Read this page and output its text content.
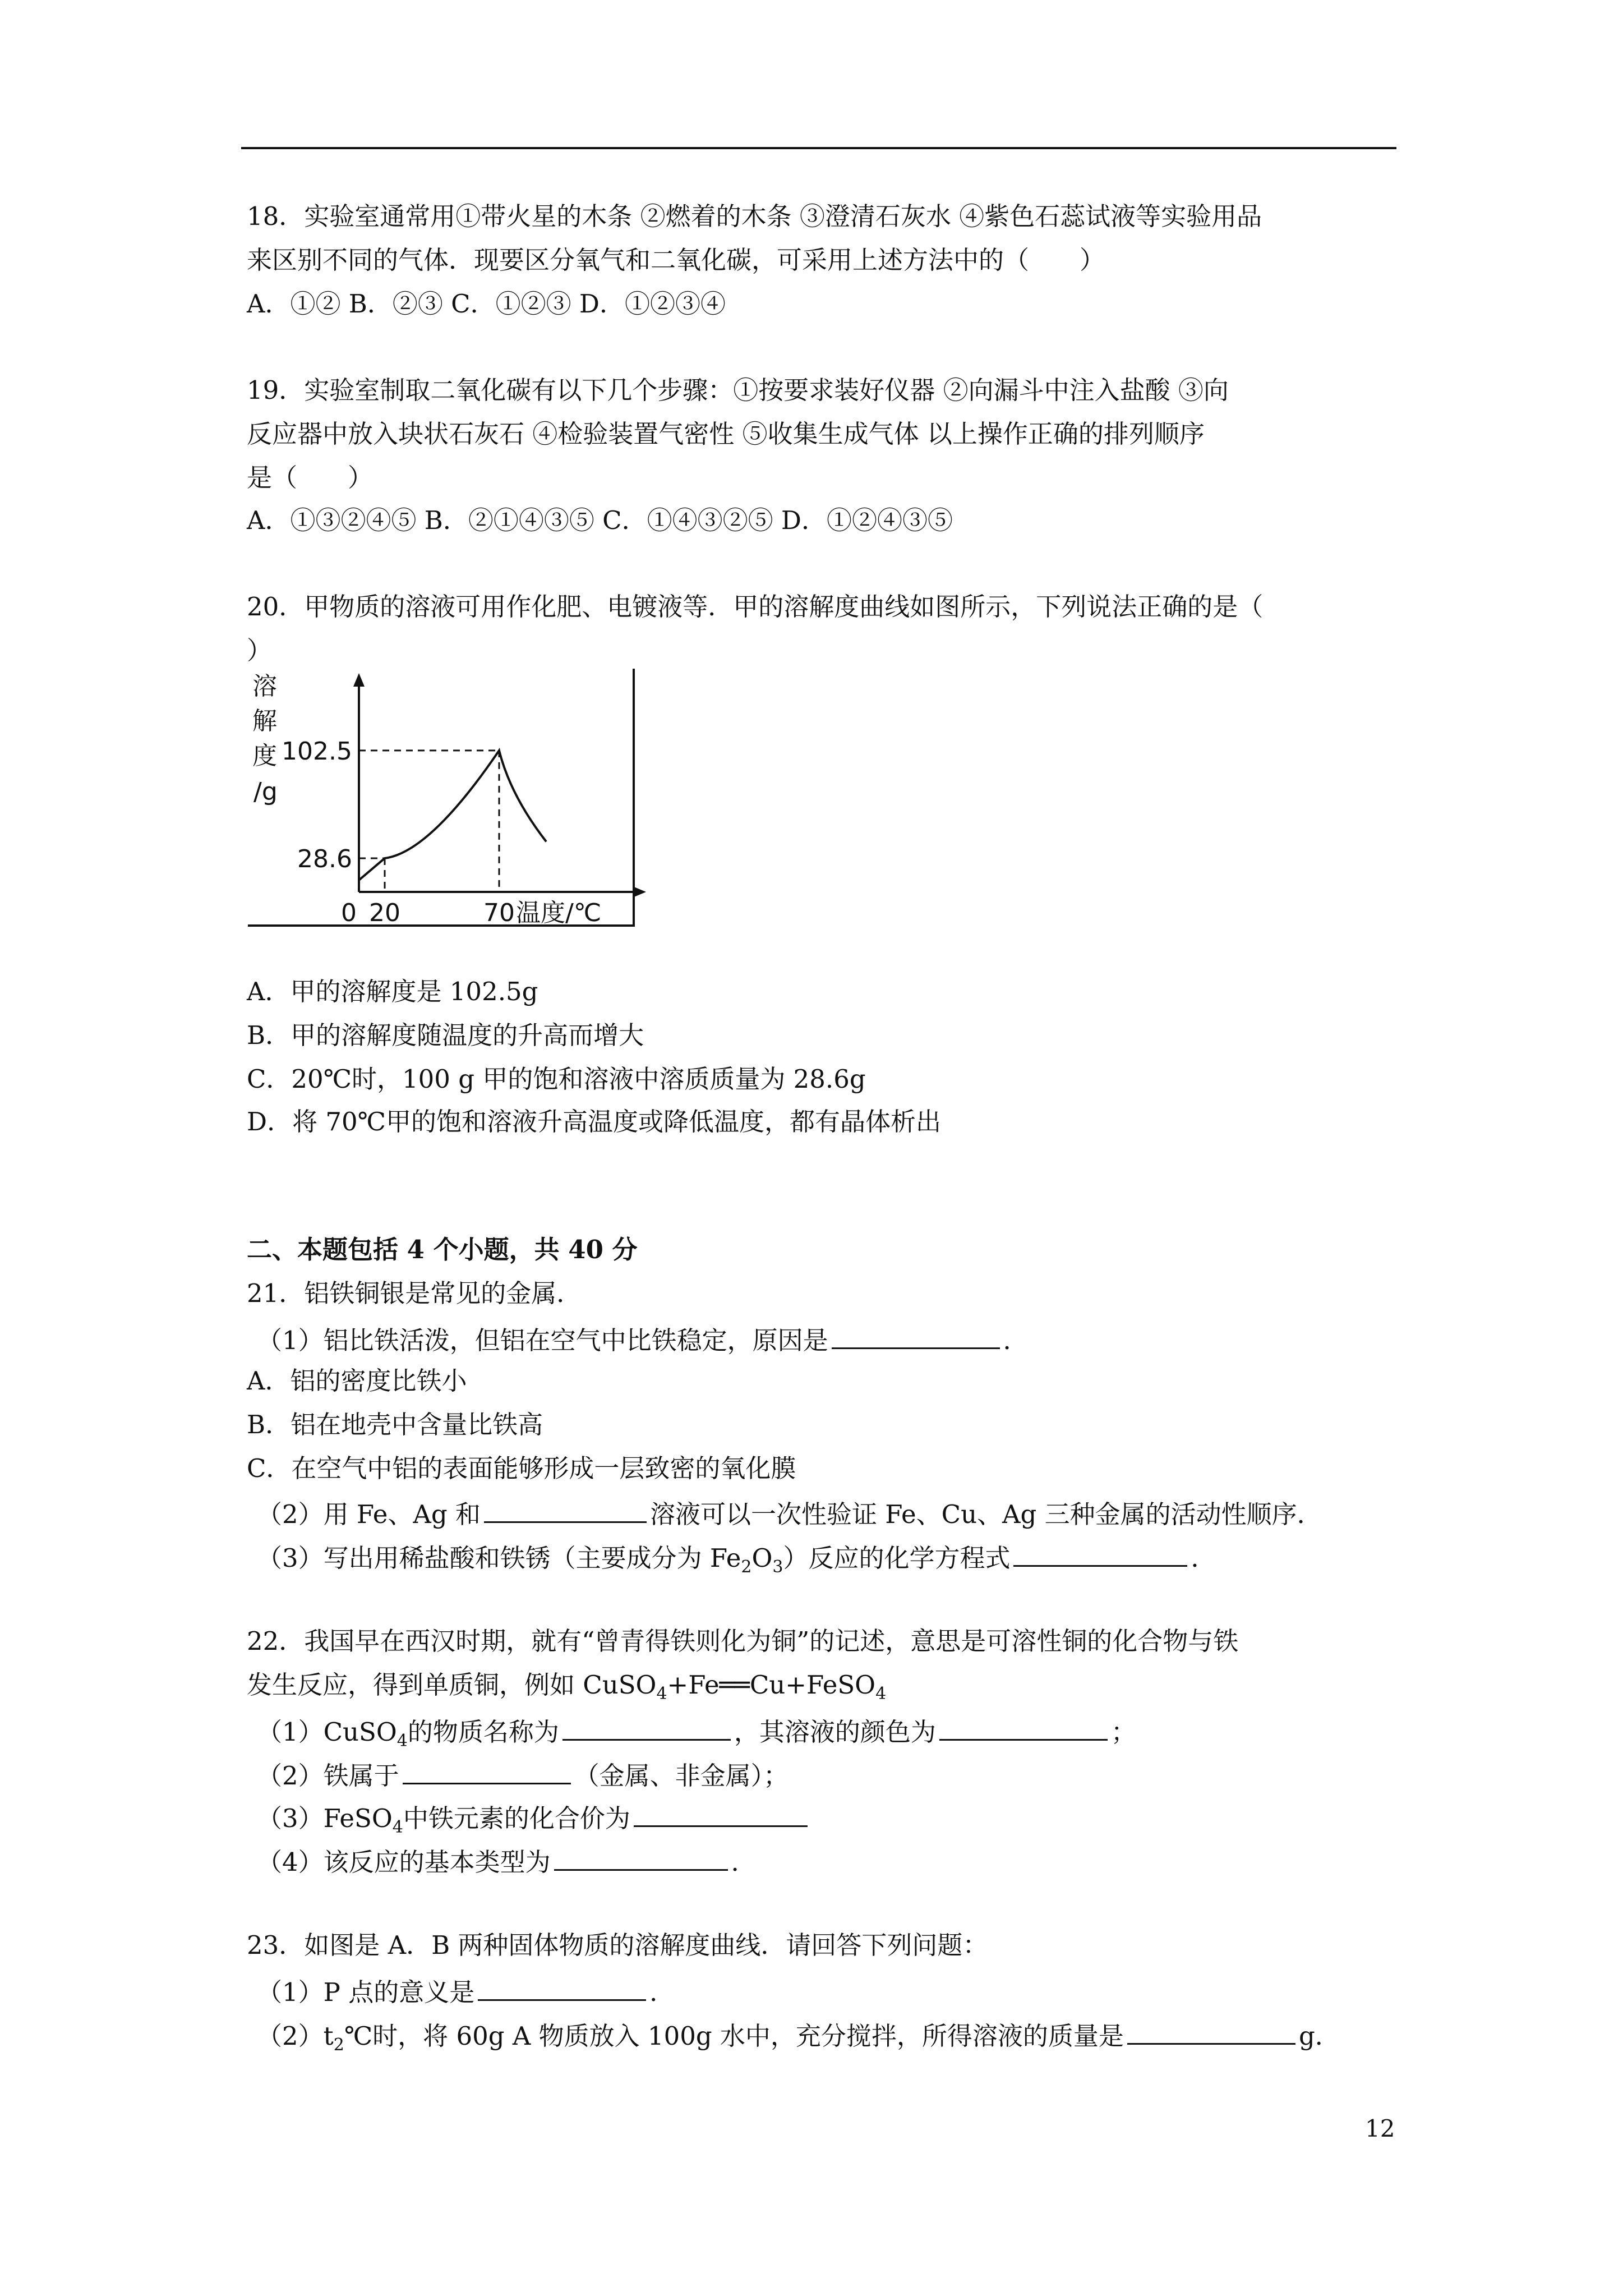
18．实验室通常用①带火星的木条 ②燃着的木条 ③澄清石灰水 ④紫色石蕊试液等实验用品
来区别不同的气体．现要区分氧气和二氧化碳，可采用上述方法中的（　　）
A．①② B．②③ C．①②③ D．①②③④
19．实验室制取二氧化碳有以下几个步骤：①按要求装好仪器 ②向漏斗中注入盐酸 ③向
反应器中放入块状石灰石 ④检验装置气密性 ⑤收集生成气体 以上操作正确的排列顺序
是（　　）
A．①③②④⑤ B．②①④③⑤ C．①④③②⑤ D．①②④③⑤
20．甲物质的溶液可用作化肥、电镀液等．甲的溶解度曲线如图所示，下列说法正确的是（
）
溶
解
度
/g
28.6
102.5
0 20	70 温度/℃
A．甲的溶解度是 102.5g
B．甲的溶解度随温度的升高而增大
C．20℃时，100 g 甲的饱和溶液中溶质质量为 28.6g
D．将 70℃甲的饱和溶液升高温度或降低温度，都有晶体析出
二、本题包括 4 个小题，共 40 分
21．铝铁铜银是常见的金属．
（1）铝比铁活泼，但铝在空气中比铁稳定，原因是	．
A．铝的密度比铁小
B．铝在地壳中含量比铁高
C．在空气中铝的表面能够形成一层致密的氧化膜
（2）用 Fe、Ag 和	溶液可以一次性验证 Fe、Cu、Ag 三种金属的活动性顺序．
（3）写出用稀盐酸和铁锈（主要成分为 $Fe_2O_3$）反应的化学方程式	．
22．我国早在西汉时期，就有“曾青得铁则化为铜”的记述，意思是可溶性铜的化合物与铁
发生反应，得到单质铜，例如 CuSO$_4$+Fe══Cu+FeSO$_4$
（1）CuSO$_4$的物质名称为	，其溶液的颜色为	；
（2）铁属于	（金属、非金属）；
（3）FeSO$_4$中铁元素的化合价为
（4）该反应的基本类型为	．
23．如图是 A．B 两种固体物质的溶解度曲线．请回答下列问题：
（1）P 点的意义是	．
$(2)t_2℃$时，将 60g A 物质放入 100g 水中，充分搅拌，所得溶液的质量是	g．
12
